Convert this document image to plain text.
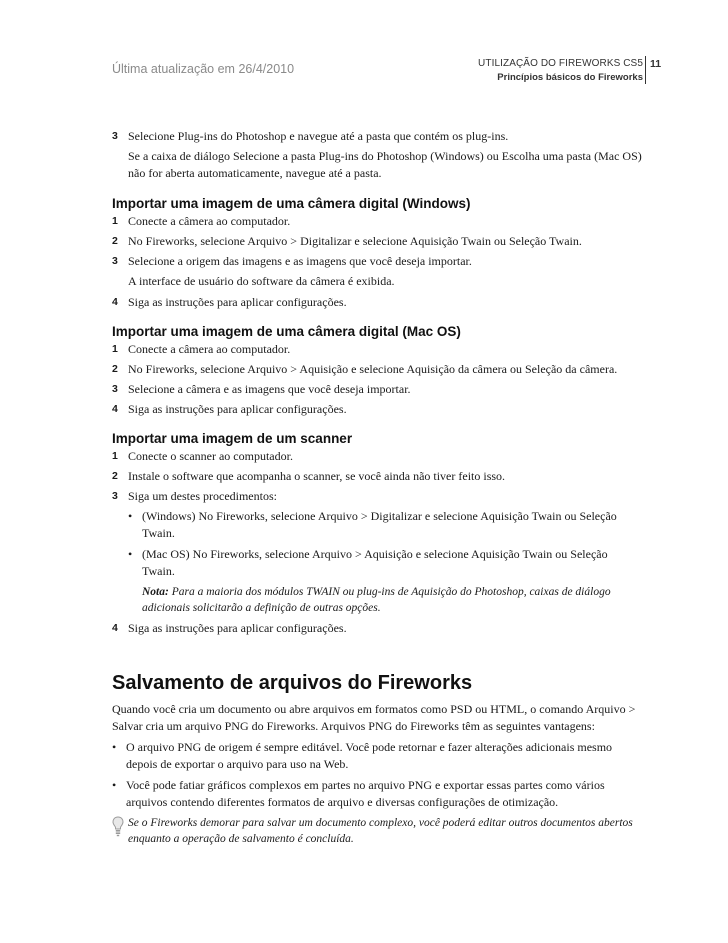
Última atualização em 26/4/2010	UTILIZAÇÃO DO FIREWORKS CS5
Princípios básicos do Fireworks
11
3 Selecione Plug-ins do Photoshop e navegue até a pasta que contém os plug-ins.
Se a caixa de diálogo Selecione a pasta Plug-ins do Photoshop (Windows) ou Escolha uma pasta (Mac OS) não for aberta automaticamente, navegue até a pasta.
Importar uma imagem de uma câmera digital (Windows)
1 Conecte a câmera ao computador.
2 No Fireworks, selecione Arquivo > Digitalizar e selecione Aquisição Twain ou Seleção Twain.
3 Selecione a origem das imagens e as imagens que você deseja importar.
A interface de usuário do software da câmera é exibida.
4 Siga as instruções para aplicar configurações.
Importar uma imagem de uma câmera digital (Mac OS)
1 Conecte a câmera ao computador.
2 No Fireworks, selecione Arquivo > Aquisição e selecione Aquisição da câmera ou Seleção da câmera.
3 Selecione a câmera e as imagens que você deseja importar.
4 Siga as instruções para aplicar configurações.
Importar uma imagem de um scanner
1 Conecte o scanner ao computador.
2 Instale o software que acompanha o scanner, se você ainda não tiver feito isso.
3 Siga um destes procedimentos:
• (Windows) No Fireworks, selecione Arquivo > Digitalizar e selecione Aquisição Twain ou Seleção Twain.
• (Mac OS) No Fireworks, selecione Arquivo > Aquisição e selecione Aquisição Twain ou Seleção Twain.
Nota: Para a maioria dos módulos TWAIN ou plug-ins de Aquisição do Photoshop, caixas de diálogo adicionais solicitarão a definição de outras opções.
4 Siga as instruções para aplicar configurações.
Salvamento de arquivos do Fireworks
Quando você cria um documento ou abre arquivos em formatos como PSD ou HTML, o comando Arquivo > Salvar cria um arquivo PNG do Fireworks. Arquivos PNG do Fireworks têm as seguintes vantagens:
• O arquivo PNG de origem é sempre editável. Você pode retornar e fazer alterações adicionais mesmo depois de exportar o arquivo para uso na Web.
• Você pode fatiar gráficos complexos em partes no arquivo PNG e exportar essas partes como vários arquivos contendo diferentes formatos de arquivo e diversas configurações de otimização.
Se o Fireworks demorar para salvar um documento complexo, você poderá editar outros documentos abertos enquanto a operação de salvamento é concluída.
